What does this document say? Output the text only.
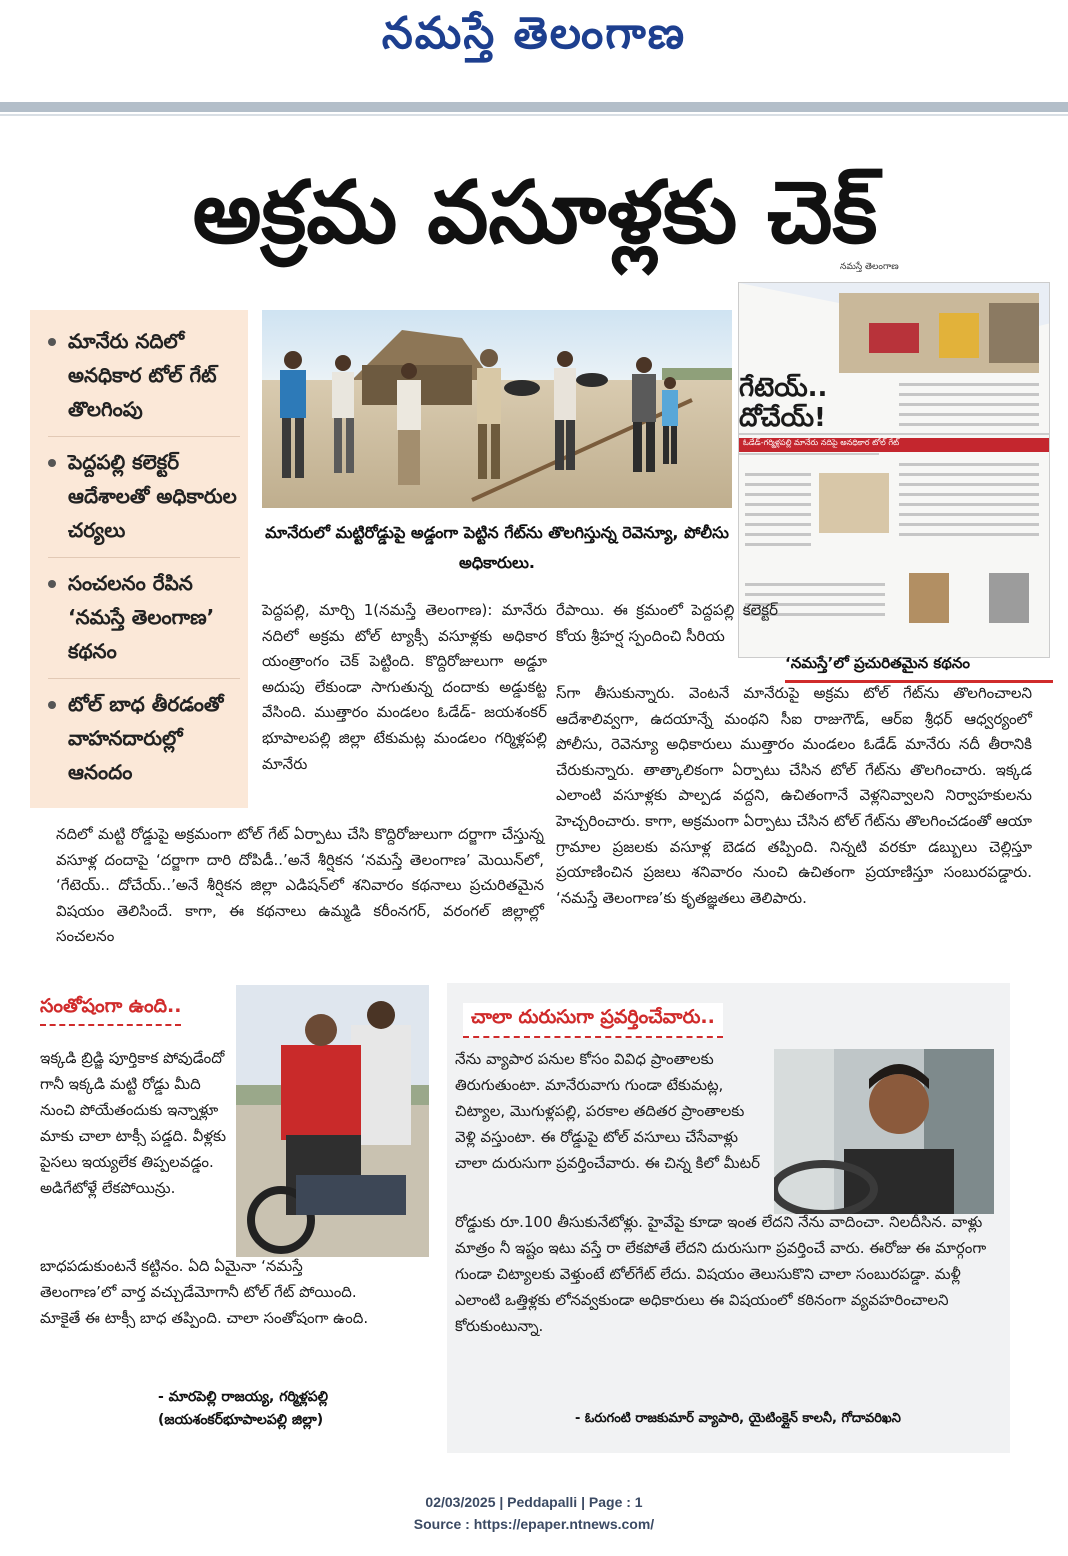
నమస్తే తెలంగాణ
అక్రమ వసూళ్లకు చెక్
మానేరు నదిలో అనధికార టోల్ గేట్ తొలగింపు
పెద్దపల్లి కలెక్టర్ ఆదేశాలతో అధికారుల చర్యలు
సంచలనం రేపిన ‘నమస్తే తెలంగాణ’ కథనం
టోల్ బాధ తీరడంతో వాహనదారుల్లో ఆనందం
నమస్తే తెలంగాణ
గేటెయ్.. దోచేయ్!
ఓడేడ్-గర్మిళ్లపల్లి మానేరు నదిపై అనధికార టోల్ గేట్
‘నమస్తే’లో ప్రచురితమైన కథనం
మానేరులో మట్టిరోడ్డుపై అడ్డంగా పెట్టిన గేట్‌ను తొలగిస్తున్న రెవెన్యూ, పోలీసు అధికారులు.
పెద్దపల్లి, మార్చి 1(నమస్తే తెలంగాణ): మానేరు నదిలో అక్రమ టోల్ ట్యాక్సీ వసూళ్లకు అధికార యంత్రాంగం చెక్ పెట్టింది. కొద్దిరోజులుగా అడ్డూ అదుపు లేకుండా సాగుతున్న దందాకు అడ్డుకట్ట వేసింది. ముత్తారం మండలం ఓడేడ్- జయశంకర్ భూపాలపల్లి జిల్లా టేకుమట్ల మండలం గర్మిళ్లపల్లి మానేరు
రేపాయి. ఈ క్రమంలో పెద్దపల్లి కలెక్టర్ కోయ శ్రీహర్ష స్పందించి సీరియ
స్‌గా తీసుకున్నారు. వెంటనే మానేరుపై అక్రమ టోల్ గేట్‌ను తొలగించాలని ఆదేశాలివ్వగా, ఉదయాన్నే మంథని సీఐ రాజుగౌడ్, ఆర్ఐ శ్రీధర్ ఆధ్వర్యంలో పోలీసు, రెవెన్యూ అధికారులు ముత్తారం మండలం ఓడేడ్ మానేరు నదీ తీరానికి చేరుకున్నారు. తాత్కాలికంగా ఏర్పాటు చేసిన టోల్ గేట్‌ను తొలగించారు. ఇక్కడ ఎలాంటి వసూళ్లకు పాల్పడ వద్దని, ఉచితంగానే వెళ్లనివ్వాలని నిర్వాహకులను హెచ్చరించారు. కాగా, అక్రమంగా ఏర్పాటు చేసిన టోల్ గేట్‌ను తొలగించడంతో ఆయా గ్రామాల ప్రజలకు వసూళ్ల బెడద తప్పింది. నిన్నటి వరకూ డబ్బులు చెల్లిస్తూ ప్రయాణించిన ప్రజలు శనివారం నుంచి ఉచితంగా ప్రయాణిస్తూ సంబురపడ్డారు. ‘నమస్తే తెలంగాణ’కు కృతజ్ఞతలు తెలిపారు.
నదిలో మట్టి రోడ్డుపై అక్రమంగా టోల్ గేట్ ఏర్పాటు చేసి కొద్దిరోజులుగా దర్జాగా చేస్తున్న వసూళ్ల దందాపై ‘దర్జాగా దారి దోపిడీ..’అనే శీర్షికన ‘నమస్తే తెలంగాణ’ మెయిన్‌లో, ‘గేటెయ్.. దోచేయ్..’అనే శీర్షికన జిల్లా ఎడిషన్‌లో శనివారం కథనాలు ప్రచురితమైన విషయం తెలిసిందే. కాగా, ఈ కథనాలు ఉమ్మడి కరీంనగర్, వరంగల్ జిల్లాల్లో సంచలనం
సంతోషంగా ఉంది..
ఇక్కడి బ్రిడ్జి పూర్తికాక పోవుడేందో గానీ ఇక్కడి మట్టి రోడ్డు మీది నుంచి పోయేతందుకు ఇన్నాళ్లూ మాకు చాలా టాక్సీ పడ్డది. వీళ్లకు పైసలు ఇయ్యలేక తిప్పలవడ్డం. అడిగేటోళ్లే లేకపోయిన్రు.
బాధపడుకుంటనే కట్టినం. ఏది ఏమైనా ‘నమస్తే తెలంగాణ’లో వార్త వచ్చుడేమోగానీ టోల్ గేట్ పోయింది. మాకైతే ఈ టాక్సీ బాధ తప్పింది. చాలా సంతోషంగా ఉంది.
- మారపెల్లి రాజయ్య, గర్మిళ్లపల్లి
(జయశంకర్‌భూపాలపల్లి జిల్లా)
చాలా దురుసుగా ప్రవర్తించేవారు..
నేను వ్యాపార పనుల కోసం వివిధ ప్రాంతాలకు తిరుగుతుంటా. మానేరువాగు గుండా టేకుమట్ల, చిట్యాల, మొగుళ్లపల్లి, పరకాల తదితర ప్రాంతాలకు వెళ్లి వస్తుంటా. ఈ రోడ్డుపై టోల్ వసూలు చేసేవాళ్లు చాలా దురుసుగా ప్రవర్తించేవారు. ఈ చిన్న కిలో మీటర్
రోడ్డుకు రూ.100 తీసుకునేటోళ్లు. హైవేపై కూడా ఇంత లేదని నేను వాదించా. నిలదీసిన. వాళ్లు మాత్రం నీ ఇష్టం ఇటు వస్తే రా లేకపోతే లేదని దురుసుగా ప్రవర్తించే వారు. ఈరోజు ఈ మార్గంగా గుండా చిట్యాలకు వెళ్తుంటే టోల్‌గేట్ లేదు. విషయం తెలుసుకొని చాలా సంబురపడ్డా. మళ్లీ ఎలాంటి ఒత్తిళ్లకు లోనవ్వకుండా అధికారులు ఈ విషయంలో కఠినంగా వ్యవహరించాలని కోరుకుంటున్నా.
- ఓరుగంటి రాజకుమార్ వ్యాపారి, యైటింక్లైన్ కాలనీ, గోదావరిఖని
02/03/2025 | Peddapalli | Page : 1
Source : https://epaper.ntnews.com/
